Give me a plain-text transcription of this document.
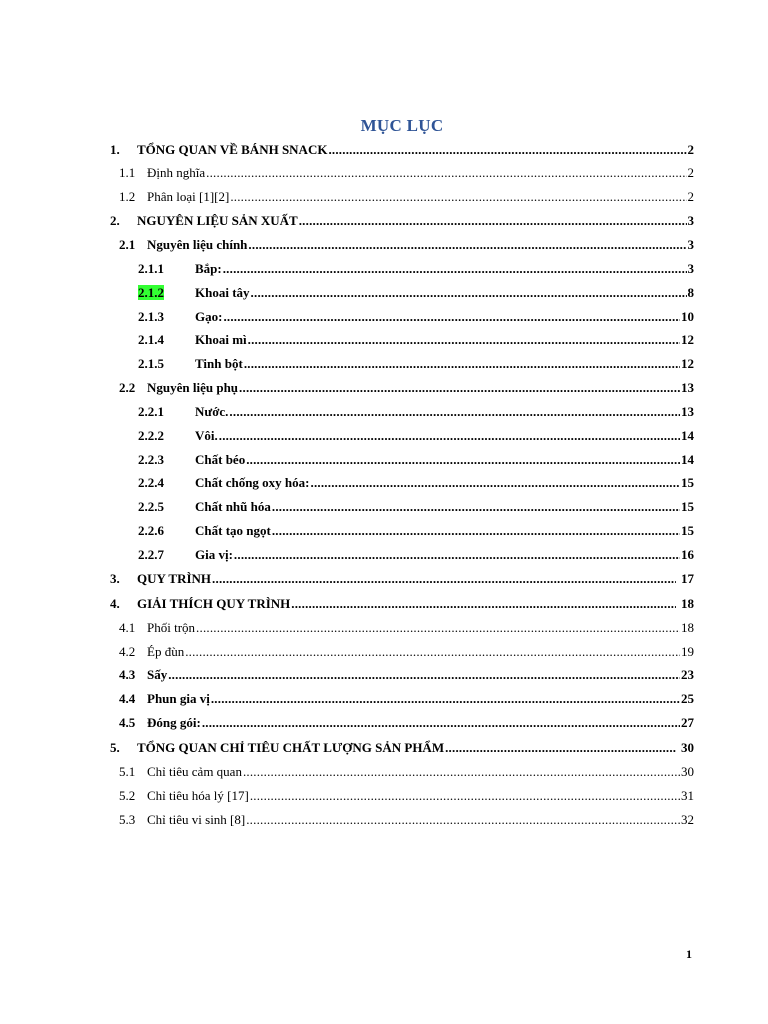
MỤC LỤC
1.	TỔNG QUAN VỀ BÁNH SNACK .....	2
1.1 Định nghĩa .....	2
1.2 Phân loại [1][2] .....	2
2.	NGUYÊN LIỆU SẢN XUẤT .....	3
2.1 Nguyên liệu chính .....	3
2.1.1	Bắp: .....	3
2.1.2	Khoai tây .....	8
2.1.3	Gạo: .....	10
2.1.4	Khoai mì .....	12
2.1.5	Tinh bột .....	12
2.2 Nguyên liệu phụ .....	13
2.2.1	Nước. .....	13
2.2.2	Vôi. .....	14
2.2.3	Chất béo .....	14
2.2.4	Chất chống oxy hóa: .....	15
2.2.5	Chất nhũ hóa .....	15
2.2.6	Chất tạo ngọt .....	15
2.2.7	Gia vị: .....	16
3.	QUY TRÌNH .....	17
4.	GIẢI THÍCH QUY TRÌNH .....	18
4.1 Phối trộn .....	18
4.2 Ép đùn .....	19
4.3 Sấy .....	23
4.4 Phun gia vị .....	25
4.5 Đóng gói: .....	27
5.	TỔNG QUAN CHỈ TIÊU CHẤT LƯỢNG SẢN PHẨM .....	30
5.1 Chỉ tiêu cảm quan .....	30
5.2 Chỉ tiêu hóa lý [17] .....	31
5.3 Chỉ tiêu vi sinh [8] .....	32
1
